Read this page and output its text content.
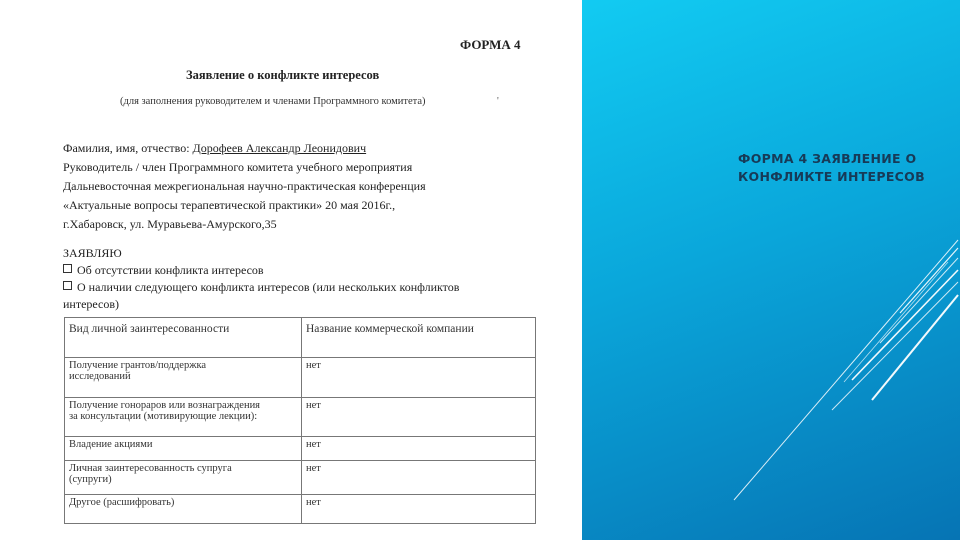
ФОРМА 4
Заявление о конфликте интересов
(для заполнения руководителем и членами Программного комитета)	'
Фамилия, имя, отчество: Дорофеев Александр Леонидович
Руководитель / член Программного комитета учебного мероприятия
Дальневосточная межрегиональная научно-практическая конференция
«Актуальные вопросы терапевтической практики» 20 мая 2016г.,
г.Хабаровск, ул. Муравьева-Амурского,35
ЗАЯВЛЯЮ
Об отсутствии конфликта интересов
О наличии следующего конфликта интересов (или нескольких конфликтов
интересов)
Вид личной заинтересованности	Название коммерческой компании

Получение грантов/поддержка
исследований	нет

Получение гонораров или вознаграждения
за консультации (мотивирующие лекции):	нет

Владение акциями	нет

Личная заинтересованность супруга
(супруги)	нет

Другое (расшифровать)	нет
ФОРМА 4 ЗАЯВЛЕНИЕ О КОНФЛИКТЕ ИНТЕРЕСОВ
